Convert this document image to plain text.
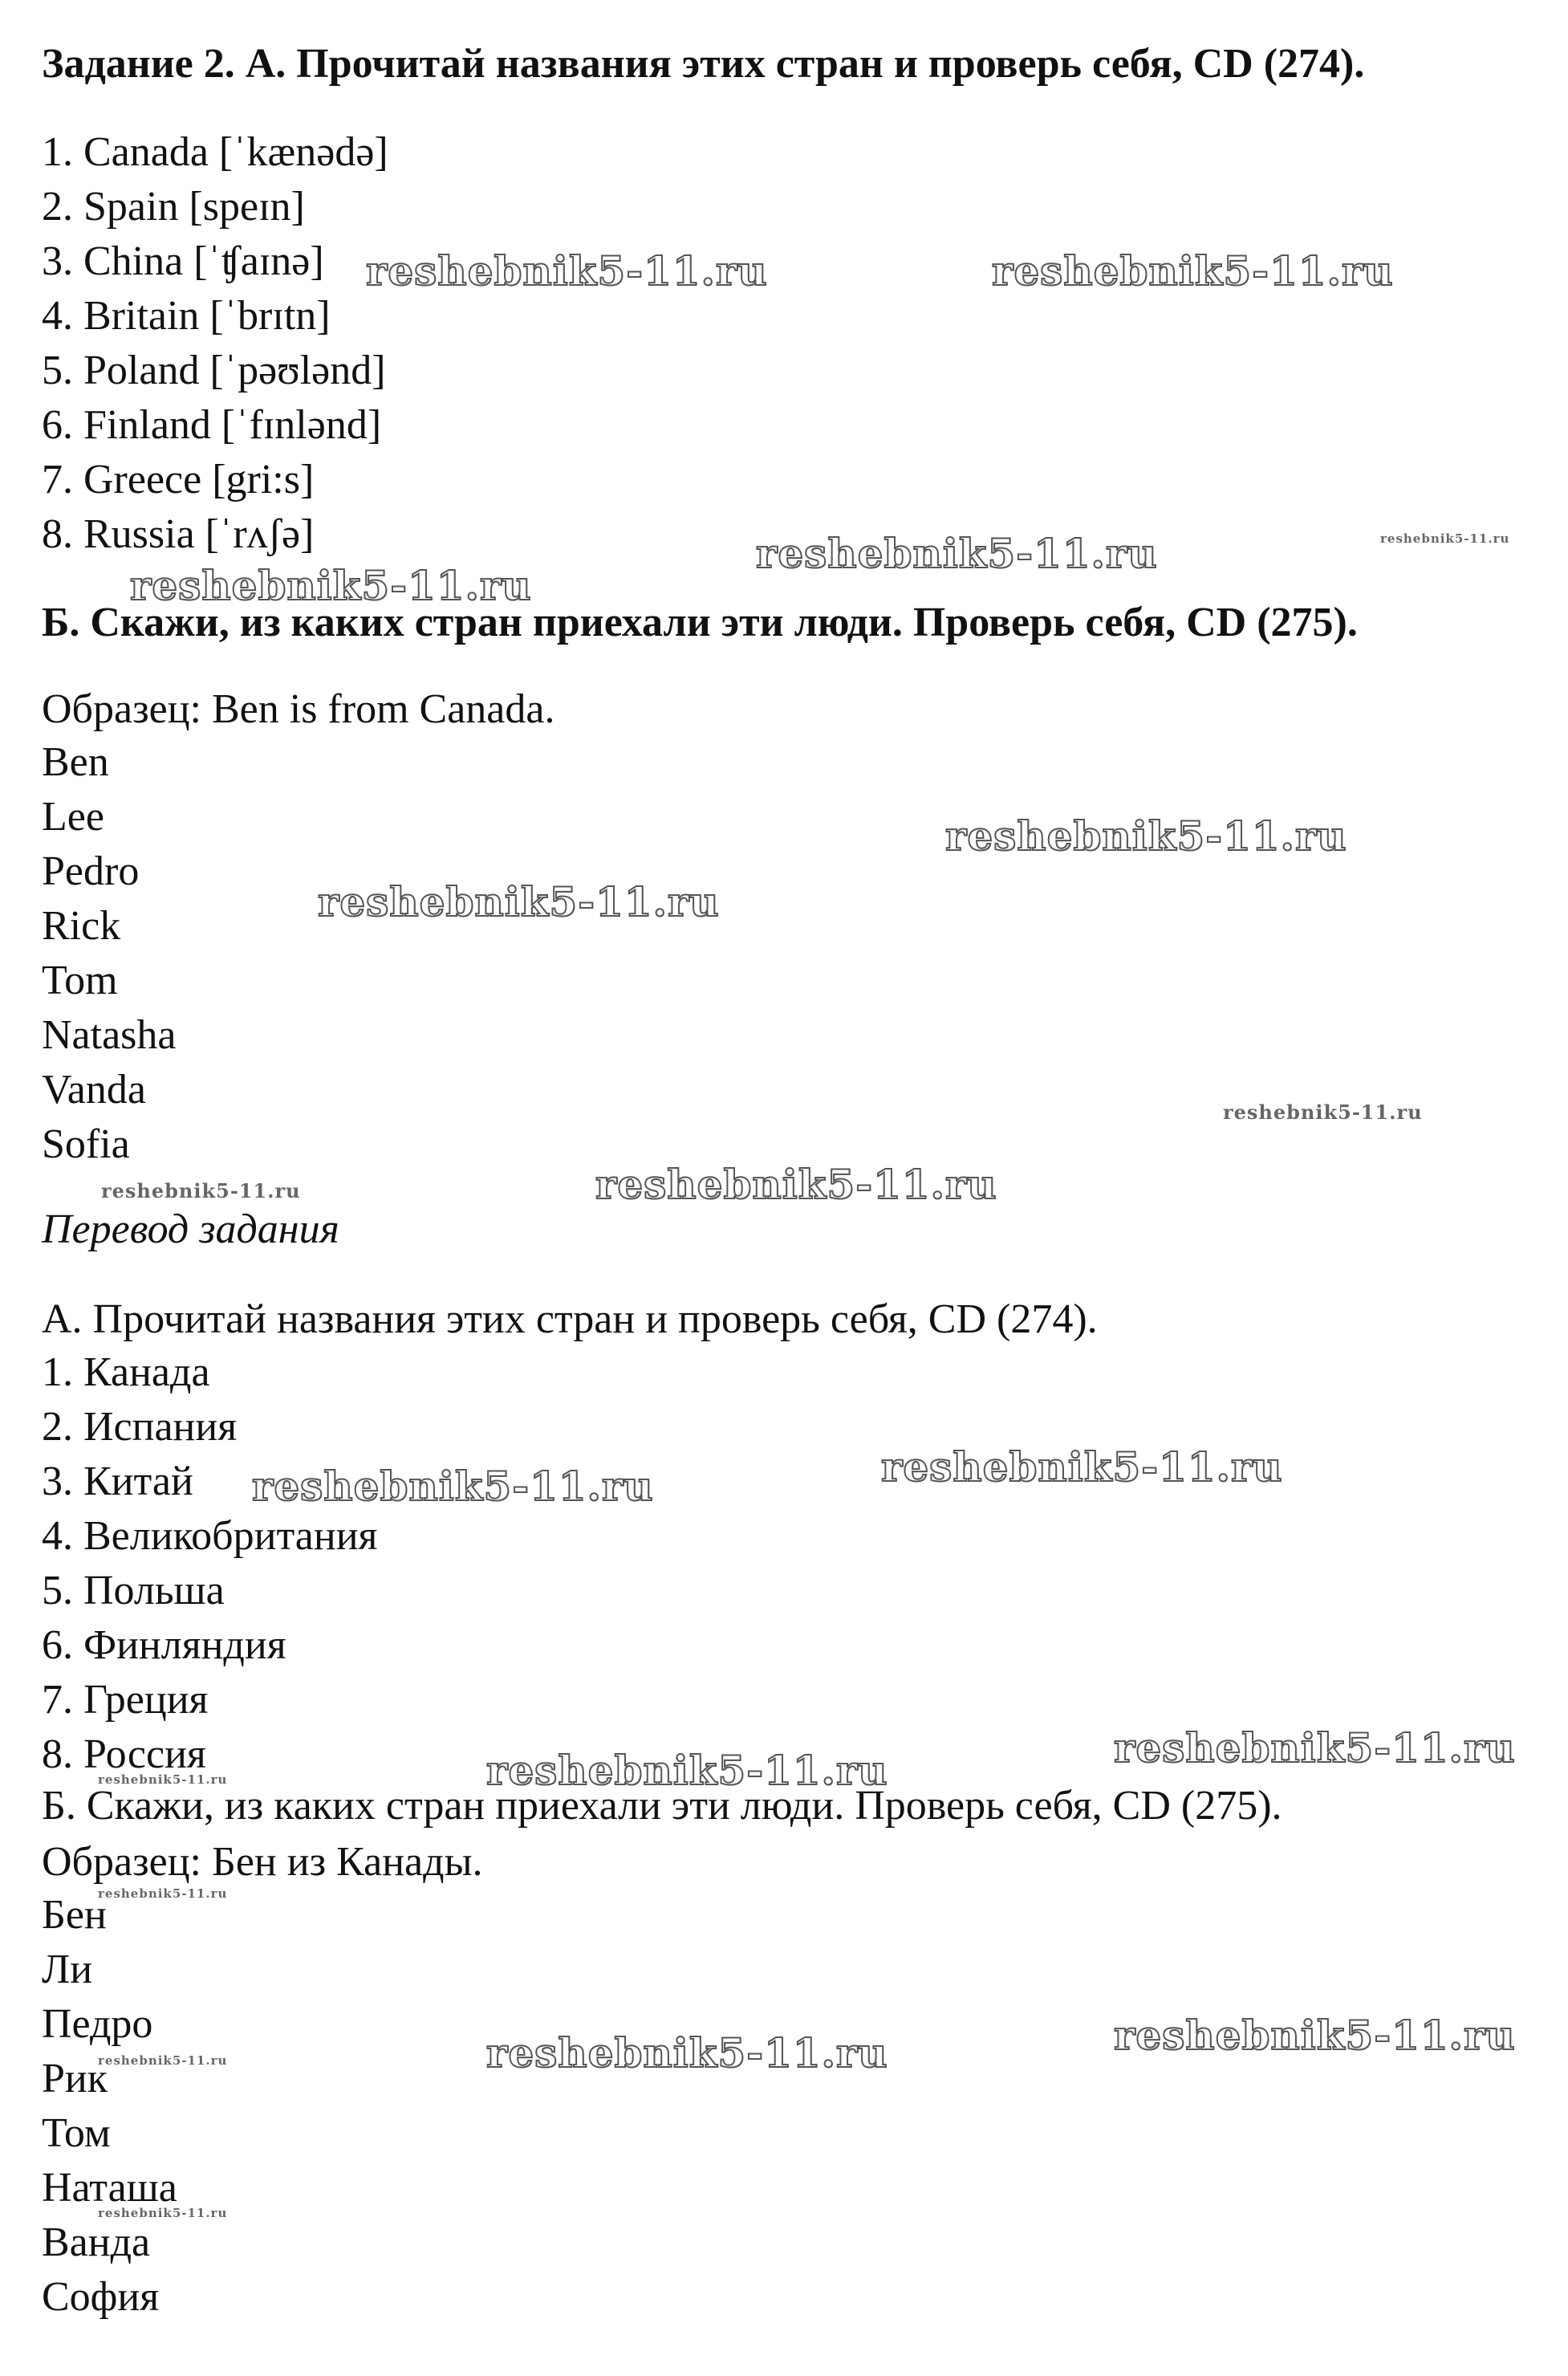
Задание 2. А. Прочитай названия этих стран и проверь себя, CD (274).
1. Canada [ˈkænədə]
2. Spain [speɪn]
3. China [ˈʧaɪnə]
4. Britain [ˈbrɪtn]
5. Poland [ˈpəʊlənd]
6. Finland [ˈfɪnlənd]
7. Greece [gri:s]
8. Russia [ˈrʌʃə]
Б. Скажи, из каких стран приехали эти люди. Проверь себя, CD (275).
Образец: Ben is from Canada.
Ben
Lee
Pedro
Rick
Tom
Natasha
Vanda
Sofia
Перевод задания
А. Прочитай названия этих стран и проверь себя, CD (274).
1. Канада
2. Испания
3. Китай
4. Великобритания
5. Польша
6. Финляндия
7. Греция
8. Россия
Б. Скажи, из каких стран приехали эти люди. Проверь себя, CD (275).
Образец: Бен из Канады.
Бен
Ли
Педро
Рик
Том
Наташа
Ванда
София
reshebnik5-11.ru	reshebnik5-11.ru
reshebnik5-11.ru
reshebnik5-11.ru
reshebnik5-11.ru
reshebnik5-11.ru
reshebnik5-11.ru
reshebnik5-11.ru
reshebnik5-11.ru	reshebnik5-11.ru
reshebnik5-11.ru
reshebnik5-11.ru
reshebnik5-11.ru
reshebnik5-11.ru
reshebnik5-11.ru
reshebnik5-11.ru
reshebnik5-11.ru
reshebnik5-11.ru
reshebnik5-11.ru
reshebnik5-11.ru
